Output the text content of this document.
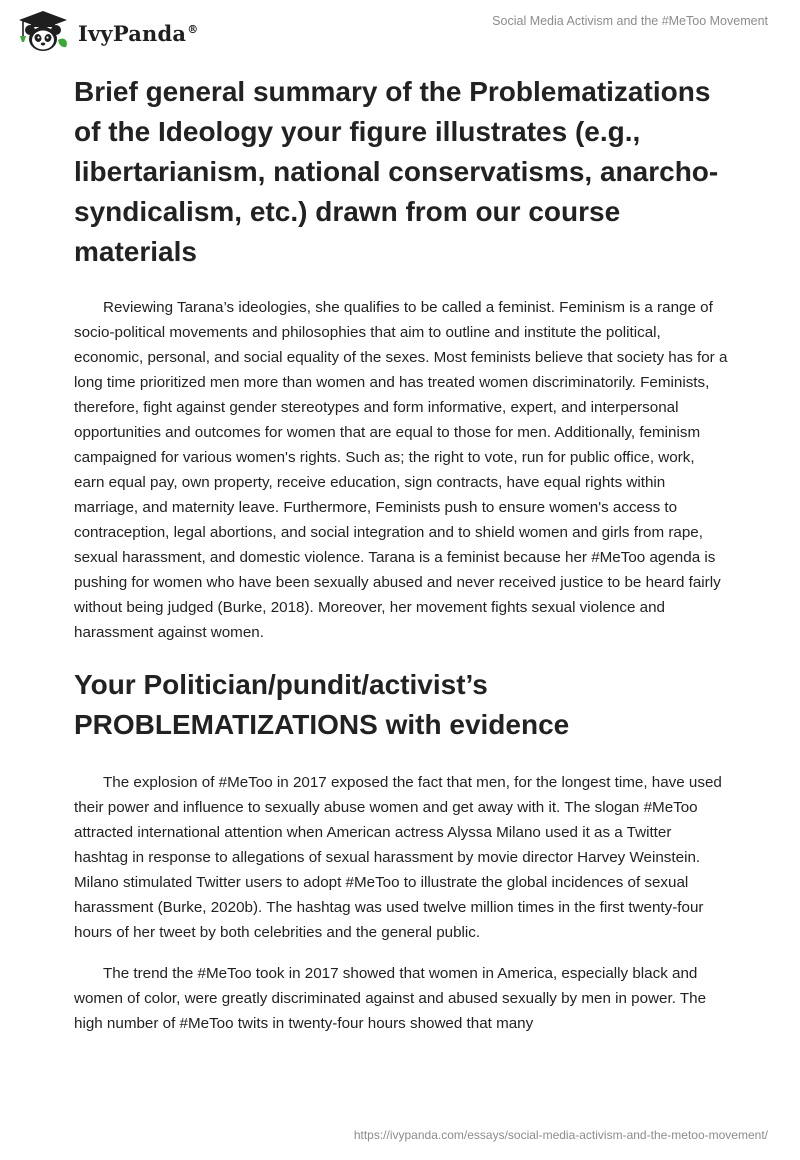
IvyPanda®
Social Media Activism and the #MeToo Movement
Brief general summary of the Problematizations of the Ideology your figure illustrates (e.g., libertarianism, national conservatisms, anarcho-syndicalism, etc.) drawn from our course materials

Reviewing Tarana’s ideologies, she qualifies to be called a feminist. Feminism is a range of socio-political movements and philosophies that aim to outline and institute the political, economic, personal, and social equality of the sexes. Most feminists believe that society has for a long time prioritized men more than women and has treated women discriminatorily. Feminists, therefore, fight against gender stereotypes and form informative, expert, and interpersonal opportunities and outcomes for women that are equal to those for men. Additionally, feminism campaigned for various women's rights. Such as; the right to vote, run for public office, work, earn equal pay, own property, receive education, sign contracts, have equal rights within marriage, and maternity leave. Furthermore, Feminists push to ensure women's access to contraception, legal abortions, and social integration and to shield women and girls from rape, sexual harassment, and domestic violence. Tarana is a feminist because her #MeToo agenda is pushing for women who have been sexually abused and never received justice to be heard fairly without being judged (Burke, 2018). Moreover, her movement fights sexual violence and harassment against women.

Your Politician/pundit/activist’s PROBLEMATIZATIONS with evidence

The explosion of #MeToo in 2017 exposed the fact that men, for the longest time, have used their power and influence to sexually abuse women and get away with it. The slogan #MeToo attracted international attention when American actress Alyssa Milano used it as a Twitter hashtag in response to allegations of sexual harassment by movie director Harvey Weinstein. Milano stimulated Twitter users to adopt #MeToo to illustrate the global incidences of sexual harassment (Burke, 2020b). The hashtag was used twelve million times in the first twenty-four hours of her tweet by both celebrities and the general public.

The trend the #MeToo took in 2017 showed that women in America, especially black and women of color, were greatly discriminated against and abused sexually by men in power. The high number of #MeToo twits in twenty-four hours showed that many

https://ivypanda.com/essays/social-media-activism-and-the-metoo-movement/
